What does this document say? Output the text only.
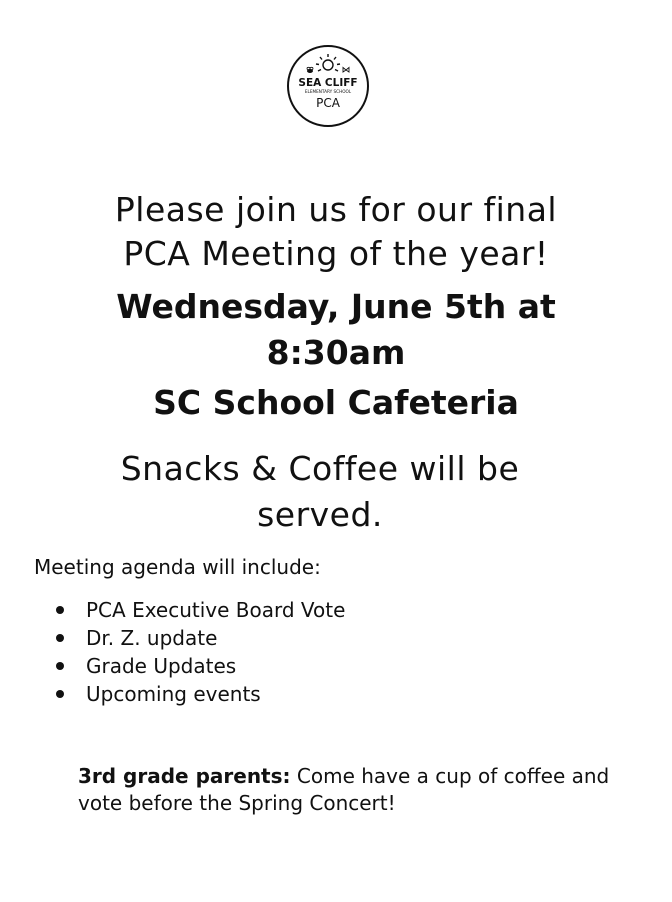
SEA CLIFF
ELEMENTARY SCHOOL
PCA
Please join us for our final
PCA Meeting of the year!
Wednesday, June 5th at
8:30am
SC School Cafeteria
Snacks & Coffee will be
served.
Meeting agenda will include:
PCA Executive Board Vote
Dr. Z. update
Grade Updates
Upcoming events
3rd grade parents: Come have a cup of coffee and vote before the Spring Concert!
